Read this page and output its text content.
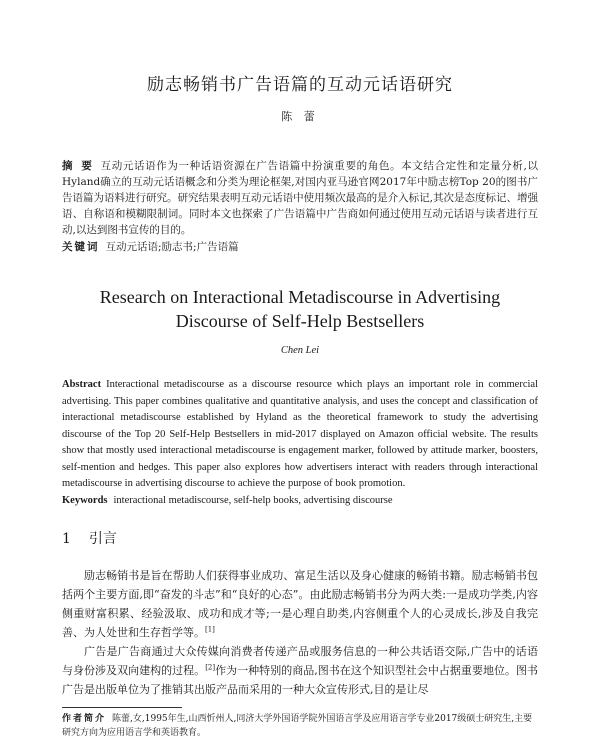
励志畅销书广告语篇的互动元话语研究
陈 蕾
摘 要 互动元话语作为一种话语资源在广告语篇中扮演重要的角色。本文结合定性和定量分析,以Hyland确立的互动元话语概念和分类为理论框架,对国内亚马逊官网2017年中励志榜Top 20的图书广告语篇为语料进行研究。研究结果表明互动元话语中使用频次最高的是介入标记,其次是态度标记、增强语、自称语和模糊限制词。同时本文也探索了广告语篇中广告商如何通过使用互动元话语与读者进行互动,以达到图书宣传的目的。
关键词 互动元话语;励志书;广告语篇
Research on Interactional Metadiscourse in Advertising
Discourse of Self-Help Bestsellers
Chen Lei
Abstract Interactional metadiscourse as a discourse resource which plays an important role in commercial advertising. This paper combines qualitative and quantitative analysis, and uses the concept and classification of interactional metadiscourse established by Hyland as the theoretical framework to study the advertising discourse of the Top 20 Self-Help Bestsellers in mid-2017 displayed on Amazon official website. The results show that mostly used interactional metadiscourse is engagement marker, followed by attitude marker, boosters, self-mention and hedges. This paper also explores how advertisers interact with readers through interactional metadiscourse in advertising discourse to achieve the purpose of book promotion.
Keywords interactional metadiscourse, self-help books, advertising discourse
1 引言

励志畅销书是旨在帮助人们获得事业成功、富足生活以及身心健康的畅销书籍。励志畅销书包括两个主要方面,即“奋发的斗志”和“良好的心态”。由此励志畅销书分为两大类:一是成功学类,内容侧重财富积累、经验汲取、成功和成才等;一是心理自助类,内容侧重个人的心灵成长,涉及自我完善、为人处世和生存哲学等。[1]

广告是广告商通过大众传媒向消费者传递产品或服务信息的一种公共话语交际,广告中的话语与身份涉及双向建构的过程。[2]作为一种特别的商品,图书在这个知识型社会中占据重要地位。图书广告是出版单位为了推销其出版产品而采用的一种大众宣传形式,目的是让尽

作者简介 陈蕾,女,1995年生,山西忻州人,同济大学外国语学院外国语言学及应用语言学专业2017级硕士研究生,主要研究方向为应用语言学和英语教育。
